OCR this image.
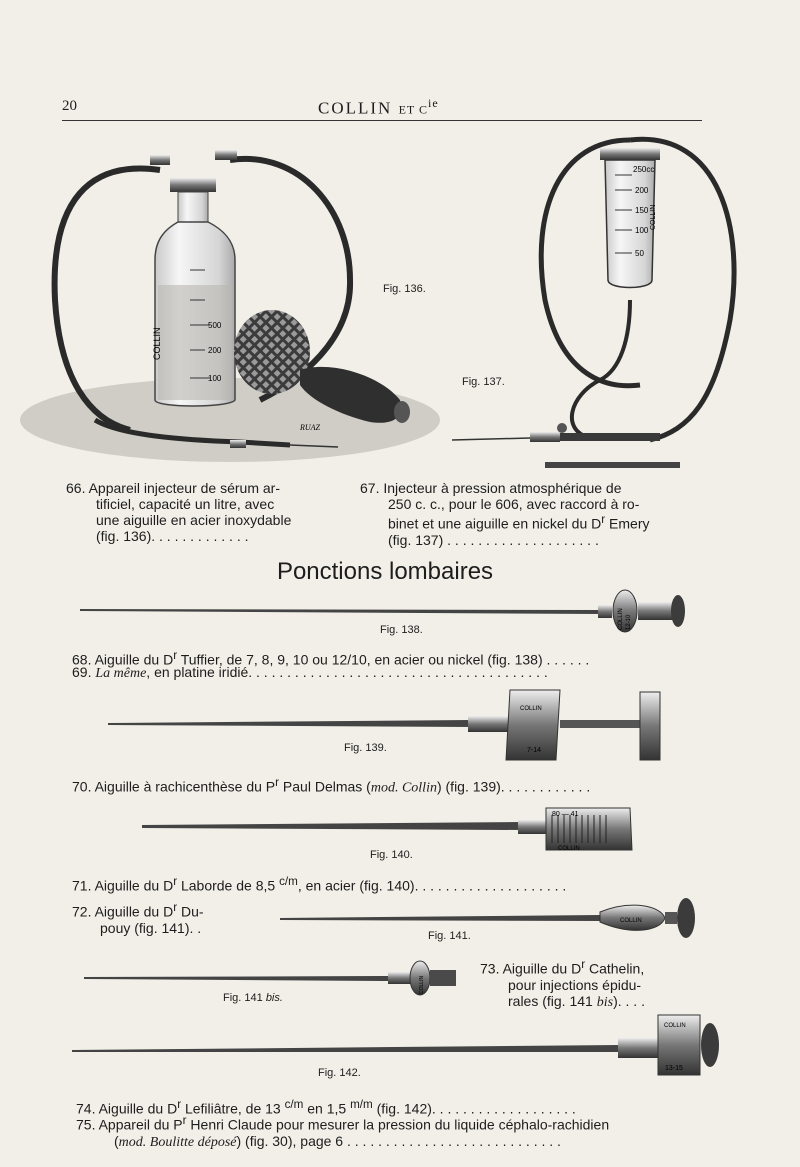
20	COLLIN ET $C^{ie}$
COLLIN
500
200
100
RUAZ
250cc
200
150
100
50
COLLIN
COLLIN 12-10
COLLIN
7-14
80 — 41
COLLIN
COLLIN
COLLIN
COLLIN
13-15
Fig. 136.
Fig. 137.
Fig. 138.
Fig. 139.
Fig. 140.
Fig. 141.
Fig. 141 bis.
Fig. 142.
66. Appareil injecteur de sérum ar-
tificiel, capacité un litre, avec
une aiguille en acier inoxydable
(fig. 136). . . . . . . . . . . . .
67. Injecteur à pression atmosphérique de
250 c. c., pour le 606, avec raccord à ro-
binet et une aiguille en nickel du $D^r$ Emery
(fig. 137) . . . . . . . . . . . . . . . . . . . .
Ponctions lombaires
68. Aiguille du $D^r$ Tuffier, de 7, 8, 9, 10 ou 12/10, en acier ou nickel (fig. 138) . . . . . .
69. La même, en platine iridié. . . . . . . . . . . . . . . . . . . . . . . . . . . . . . . . . . . . . . .
70. Aiguille à rachicenthèse du $P^r$ Paul Delmas (mod. Collin) (fig. 139). . . . . . . . . . . .
71. Aiguille du $D^r$ Laborde de 8,5 $^{c/m}$, en acier (fig. 140). . . . . . . . . . . . . . . . . . . .
72. Aiguille du $D^r$ Du-
pouy (fig. 141). .
73. Aiguille du $D^r$ Cathelin,
pour injections épidu-
rales (fig. 141 bis). . . .
74. Aiguille du $D^r$ Lefiliâtre, de 13 $^{c/m}$ en 1,5 $^{m/m}$ (fig. 142). . . . . . . . . . . . . . . . . . .
75. Appareil du $P^r$ Henri Claude pour mesurer la pression du liquide céphalo-rachidien
(mod. Boulitte déposé) (fig. 30), page 6 . . . . . . . . . . . . . . . . . . . . . . . . . . . .
